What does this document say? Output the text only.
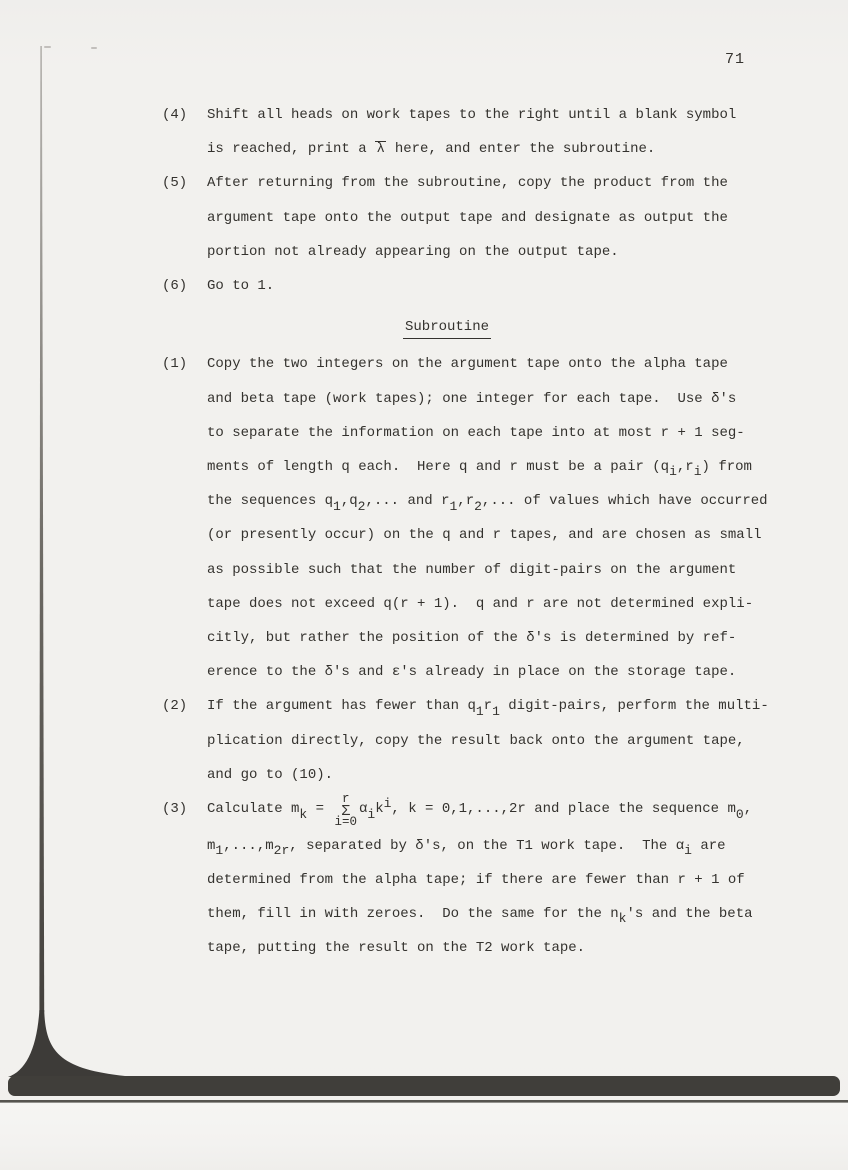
71
(4) Shift all heads on work tapes to the right until a blank symbol
is reached, print a λ here, and enter the subroutine.
(5) After returning from the subroutine, copy the product from the
argument tape onto the output tape and designate as output the
portion not already appearing on the output tape.
(6) Go to 1.
Subroutine
(1) Copy the two integers on the argument tape onto the alpha tape
and beta tape (work tapes); one integer for each tape.  Use δ's
to separate the information on each tape into at most r + 1 seg-
ments of length q each.  Here q and r must be a pair (qi,ri) from
the sequences q1,q2,... and r1,r2,... of values which have occurred
(or presently occur) on the q and r tapes, and are chosen as small
as possible such that the number of digit-pairs on the argument
tape does not exceed q(r + 1).  q and r are not determined expli-
citly, but rather the position of the δ's is determined by ref-
erence to the δ's and ε's already in place on the storage tape.
(2) If the argument has fewer than q1r1 digit-pairs, perform the multi-
plication directly, copy the result back onto the argument tape,
and go to (10).
(3) Calculate mk =
r
Σ
i=0
αiki, k = 0,1,...,2r and place the sequence m0,
m1,...,m2r, separated by δ's, on the T1 work tape.  The αi are
determined from the alpha tape; if there are fewer than r + 1 of
them, fill in with zeroes.  Do the same for the nk's and the beta
tape, putting the result on the T2 work tape.
